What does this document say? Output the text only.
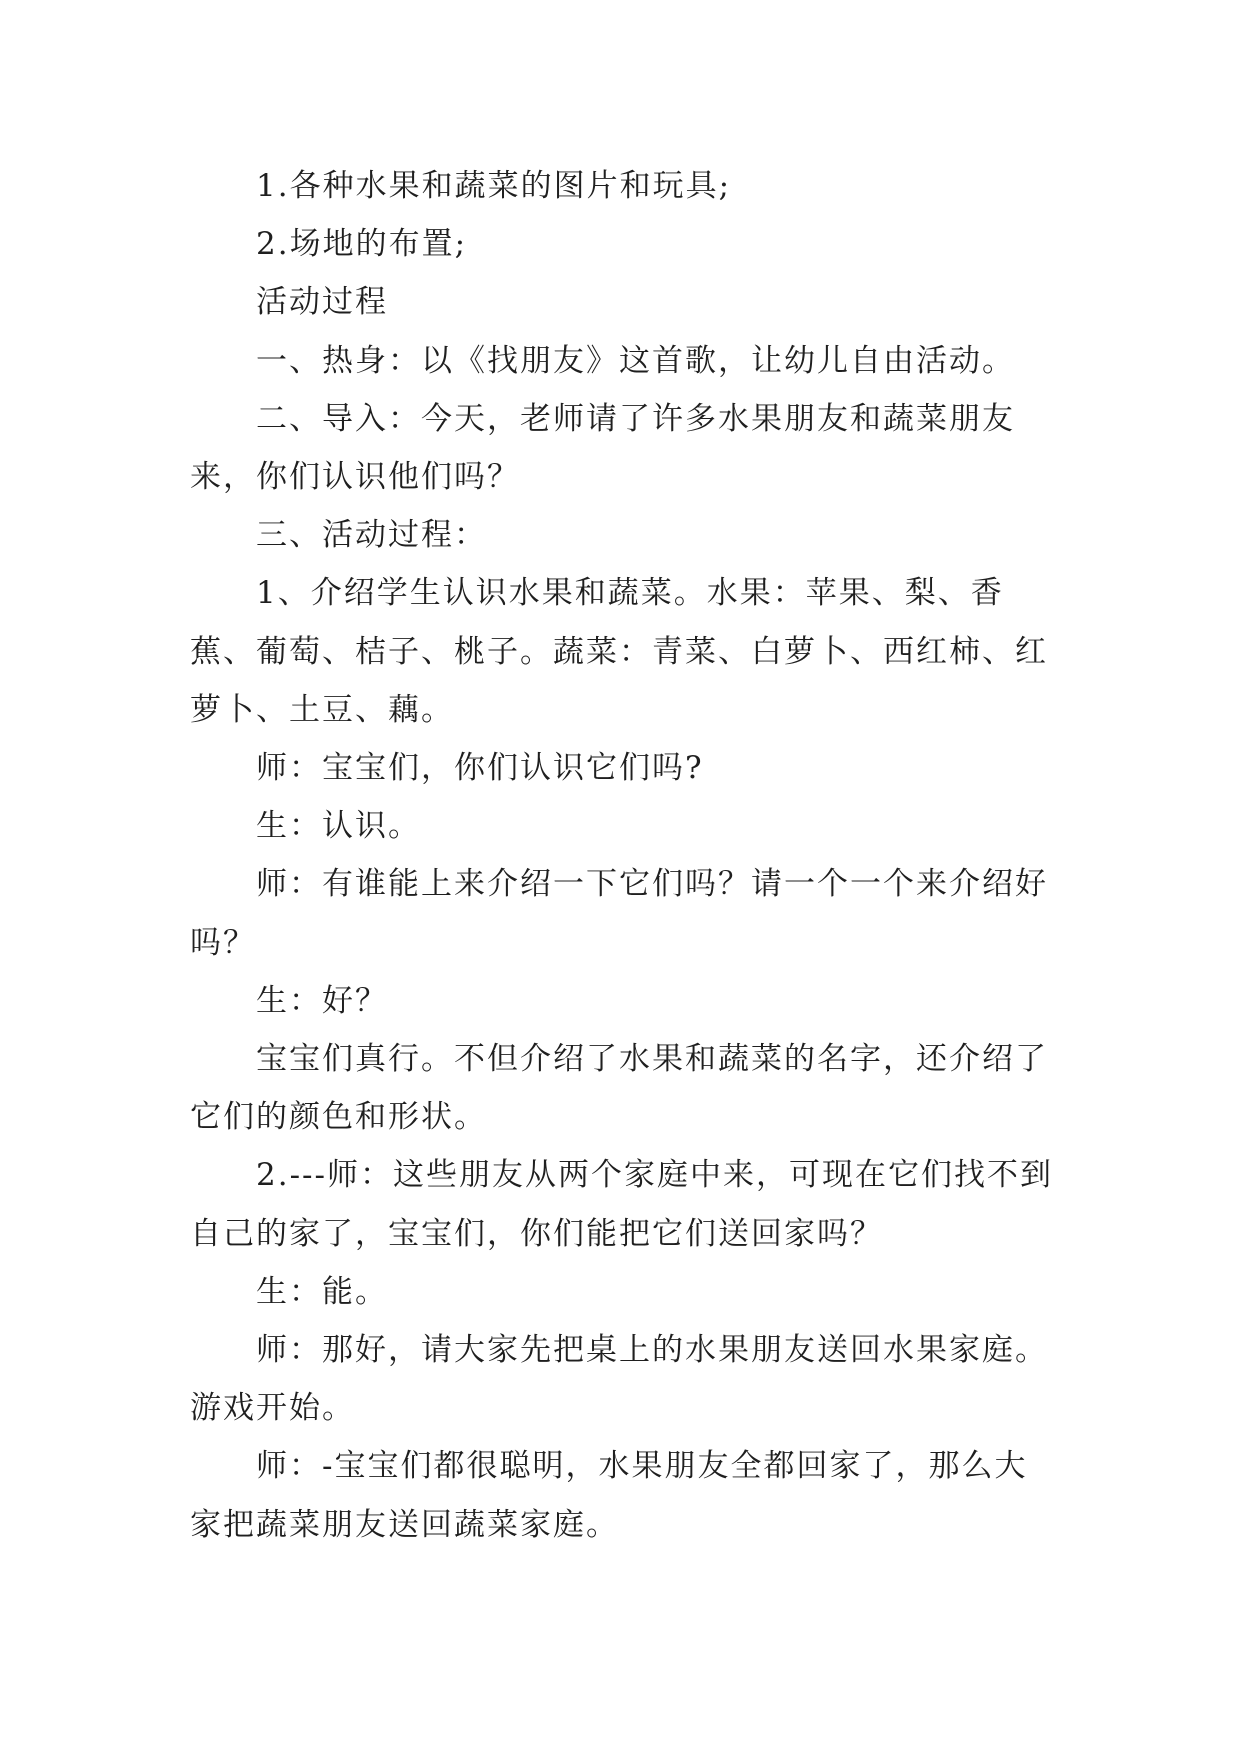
1.各种水果和蔬菜的图片和玩具;

2.场地的布置;

活动过程

一、热身：以《找朋友》这首歌，让幼儿自由活动。

二、导入：今天，老师请了许多水果朋友和蔬菜朋友来，你们认识他们吗？

三、活动过程：

1、介绍学生认识水果和蔬菜。水果：苹果、梨、香蕉、葡萄、桔子、桃子。蔬菜：青菜、白萝卜、西红柿、红萝卜、土豆、藕。

师：宝宝们，你们认识它们吗?

生：认识。

师：有谁能上来介绍一下它们吗？请一个一个来介绍好吗？

生：好？

宝宝们真行。不但介绍了水果和蔬菜的名字，还介绍了它们的颜色和形状。

2.---师：这些朋友从两个家庭中来，可现在它们找不到自己的家了，宝宝们，你们能把它们送回家吗？

生：能。

师：那好，请大家先把桌上的水果朋友送回水果家庭。游戏开始。

师：-宝宝们都很聪明，水果朋友全都回家了，那么大家把蔬菜朋友送回蔬菜家庭。
